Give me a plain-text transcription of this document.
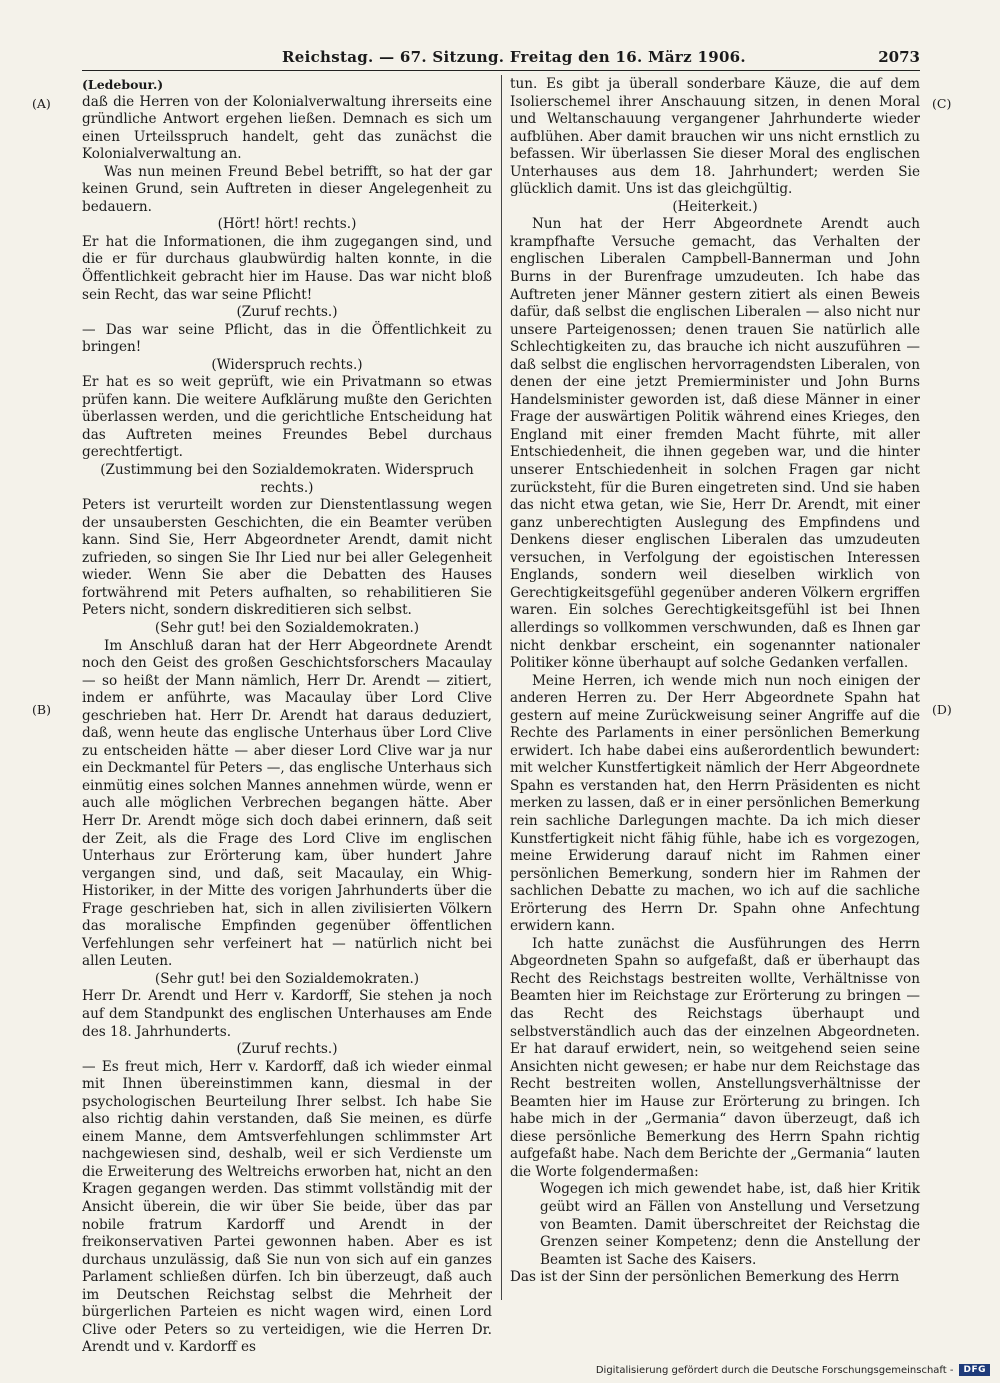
Reichstag. — 67. Sitzung. Freitag den 16. März 1906.	2073
(A)
(B)
(C)
(D)

(Ledebour.)

daß die Herren von der Kolonialverwaltung ihrerseits eine gründliche Antwort ergehen ließen. Demnach es sich um einen Urteilsspruch handelt, geht das zunächst die Kolonialverwaltung an.

Was nun meinen Freund Bebel betrifft, so hat der gar keinen Grund, sein Auftreten in dieser Angelegenheit zu bedauern.

(Hört! hört! rechts.)

Er hat die Informationen, die ihm zugegangen sind, und die er für durchaus glaubwürdig halten konnte, in die Öffentlichkeit gebracht hier im Hause. Das war nicht bloß sein Recht, das war seine Pflicht!

(Zuruf rechts.)

— Das war seine Pflicht, das in die Öffentlichkeit zu bringen!

(Widerspruch rechts.)

Er hat es so weit geprüft, wie ein Privatmann so etwas prüfen kann. Die weitere Aufklärung mußte den Gerichten überlassen werden, und die gerichtliche Entscheidung hat das Auftreten meines Freundes Bebel durchaus gerechtfertigt.

(Zustimmung bei den Sozialdemokraten. Widerspruch rechts.)

Peters ist verurteilt worden zur Dienstentlassung wegen der unsaubersten Geschichten, die ein Beamter verüben kann. Sind Sie, Herr Abgeordneter Arendt, damit nicht zufrieden, so singen Sie Ihr Lied nur bei aller Gelegenheit wieder. Wenn Sie aber die Debatten des Hauses fortwährend mit Peters aufhalten, so rehabilitieren Sie Peters nicht, sondern diskreditieren sich selbst.

(Sehr gut! bei den Sozialdemokraten.)

Im Anschluß daran hat der Herr Abgeordnete Arendt noch den Geist des großen Geschichtsforschers Macaulay — so heißt der Mann nämlich, Herr Dr. Arendt — zitiert, indem er anführte, was Macaulay über Lord Clive geschrieben hat. Herr Dr. Arendt hat daraus deduziert, daß, wenn heute das englische Unterhaus über Lord Clive zu entscheiden hätte — aber dieser Lord Clive war ja nur ein Deckmantel für Peters —, das englische Unterhaus sich einmütig eines solchen Mannes annehmen würde, wenn er auch alle möglichen Verbrechen begangen hätte. Aber Herr Dr. Arendt möge sich doch dabei erinnern, daß seit der Zeit, als die Frage des Lord Clive im englischen Unterhaus zur Erörterung kam, über hundert Jahre vergangen sind, und daß, seit Macaulay, ein Whig-Historiker, in der Mitte des vorigen Jahrhunderts über die Frage geschrieben hat, sich in allen zivilisierten Völkern das moralische Empfinden gegenüber öffentlichen Verfehlungen sehr verfeinert hat — natürlich nicht bei allen Leuten.

(Sehr gut! bei den Sozialdemokraten.)

Herr Dr. Arendt und Herr v. Kardorff, Sie stehen ja noch auf dem Standpunkt des englischen Unterhauses am Ende des 18. Jahrhunderts.

(Zuruf rechts.)

— Es freut mich, Herr v. Kardorff, daß ich wieder einmal mit Ihnen übereinstimmen kann, diesmal in der psychologischen Beurteilung Ihrer selbst. Ich habe Sie also richtig dahin verstanden, daß Sie meinen, es dürfe einem Manne, dem Amtsverfehlungen schlimmster Art nachgewiesen sind, deshalb, weil er sich Verdienste um die Erweiterung des Weltreichs erworben hat, nicht an den Kragen gegangen werden. Das stimmt vollständig mit der Ansicht überein, die wir über Sie beide, über das par nobile fratrum Kardorff und Arendt in der freikonservativen Partei gewonnen haben. Aber es ist durchaus unzulässig, daß Sie nun von sich auf ein ganzes Parlament schließen dürfen. Ich bin überzeugt, daß auch im Deutschen Reichstag selbst die Mehrheit der bürgerlichen Parteien es nicht wagen wird, einen Lord Clive oder Peters so zu verteidigen, wie die Herren Dr. Arendt und v. Kardorff es

tun. Es gibt ja überall sonderbare Käuze, die auf dem Isolierschemel ihrer Anschauung sitzen, in denen Moral und Weltanschauung vergangener Jahrhunderte wieder aufblühen. Aber damit brauchen wir uns nicht ernstlich zu befassen. Wir überlassen Sie dieser Moral des englischen Unterhauses aus dem 18. Jahrhundert; werden Sie glücklich damit. Uns ist das gleichgültig.

(Heiterkeit.)

Nun hat der Herr Abgeordnete Arendt auch krampfhafte Versuche gemacht, das Verhalten der englischen Liberalen Campbell-Bannerman und John Burns in der Burenfrage umzudeuten. Ich habe das Auftreten jener Männer gestern zitiert als einen Beweis dafür, daß selbst die englischen Liberalen — also nicht nur unsere Parteigenossen; denen trauen Sie natürlich alle Schlechtigkeiten zu, das brauche ich nicht auszuführen — daß selbst die englischen hervorragendsten Liberalen, von denen der eine jetzt Premierminister und John Burns Handelsminister geworden ist, daß diese Männer in einer Frage der auswärtigen Politik während eines Krieges, den England mit einer fremden Macht führte, mit aller Entschiedenheit, die ihnen gegeben war, und die hinter unserer Entschiedenheit in solchen Fragen gar nicht zurücksteht, für die Buren eingetreten sind. Und sie haben das nicht etwa getan, wie Sie, Herr Dr. Arendt, mit einer ganz unberechtigten Auslegung des Empfindens und Denkens dieser englischen Liberalen das umzudeuten versuchen, in Verfolgung der egoistischen Interessen Englands, sondern weil dieselben wirklich von Gerechtigkeitsgefühl gegenüber anderen Völkern ergriffen waren. Ein solches Gerechtigkeitsgefühl ist bei Ihnen allerdings so vollkommen verschwunden, daß es Ihnen gar nicht denkbar erscheint, ein sogenannter nationaler Politiker könne überhaupt auf solche Gedanken verfallen.

Meine Herren, ich wende mich nun noch einigen der anderen Herren zu. Der Herr Abgeordnete Spahn hat gestern auf meine Zurückweisung seiner Angriffe auf die Rechte des Parlaments in einer persönlichen Bemerkung erwidert. Ich habe dabei eins außerordentlich bewundert: mit welcher Kunstfertigkeit nämlich der Herr Abgeordnete Spahn es verstanden hat, den Herrn Präsidenten es nicht merken zu lassen, daß er in einer persönlichen Bemerkung rein sachliche Darlegungen machte. Da ich mich dieser Kunstfertigkeit nicht fähig fühle, habe ich es vorgezogen, meine Erwiderung darauf nicht im Rahmen einer persönlichen Bemerkung, sondern hier im Rahmen der sachlichen Debatte zu machen, wo ich auf die sachliche Erörterung des Herrn Dr. Spahn ohne Anfechtung erwidern kann.

Ich hatte zunächst die Ausführungen des Herrn Abgeordneten Spahn so aufgefaßt, daß er überhaupt das Recht des Reichstags bestreiten wollte, Verhältnisse von Beamten hier im Reichstage zur Erörterung zu bringen — das Recht des Reichstags überhaupt und selbstverständlich auch das der einzelnen Abgeordneten. Er hat darauf erwidert, nein, so weitgehend seien seine Ansichten nicht gewesen; er habe nur dem Reichstage das Recht bestreiten wollen, Anstellungsverhältnisse der Beamten hier im Hause zur Erörterung zu bringen. Ich habe mich in der „Germania“ davon überzeugt, daß ich diese persönliche Bemerkung des Herrn Spahn richtig aufgefaßt habe. Nach dem Berichte der „Germania“ lauten die Worte folgendermaßen:

Wogegen ich mich gewendet habe, ist, daß hier Kritik geübt wird an Fällen von Anstellung und Versetzung von Beamten. Damit überschreitet der Reichstag die Grenzen seiner Kompetenz; denn die Anstellung der Beamten ist Sache des Kaisers.

Das ist der Sinn der persönlichen Bemerkung des Herrn

Digitalisierung gefördert durch die Deutsche Forschungsgemeinschaft -	DFG
